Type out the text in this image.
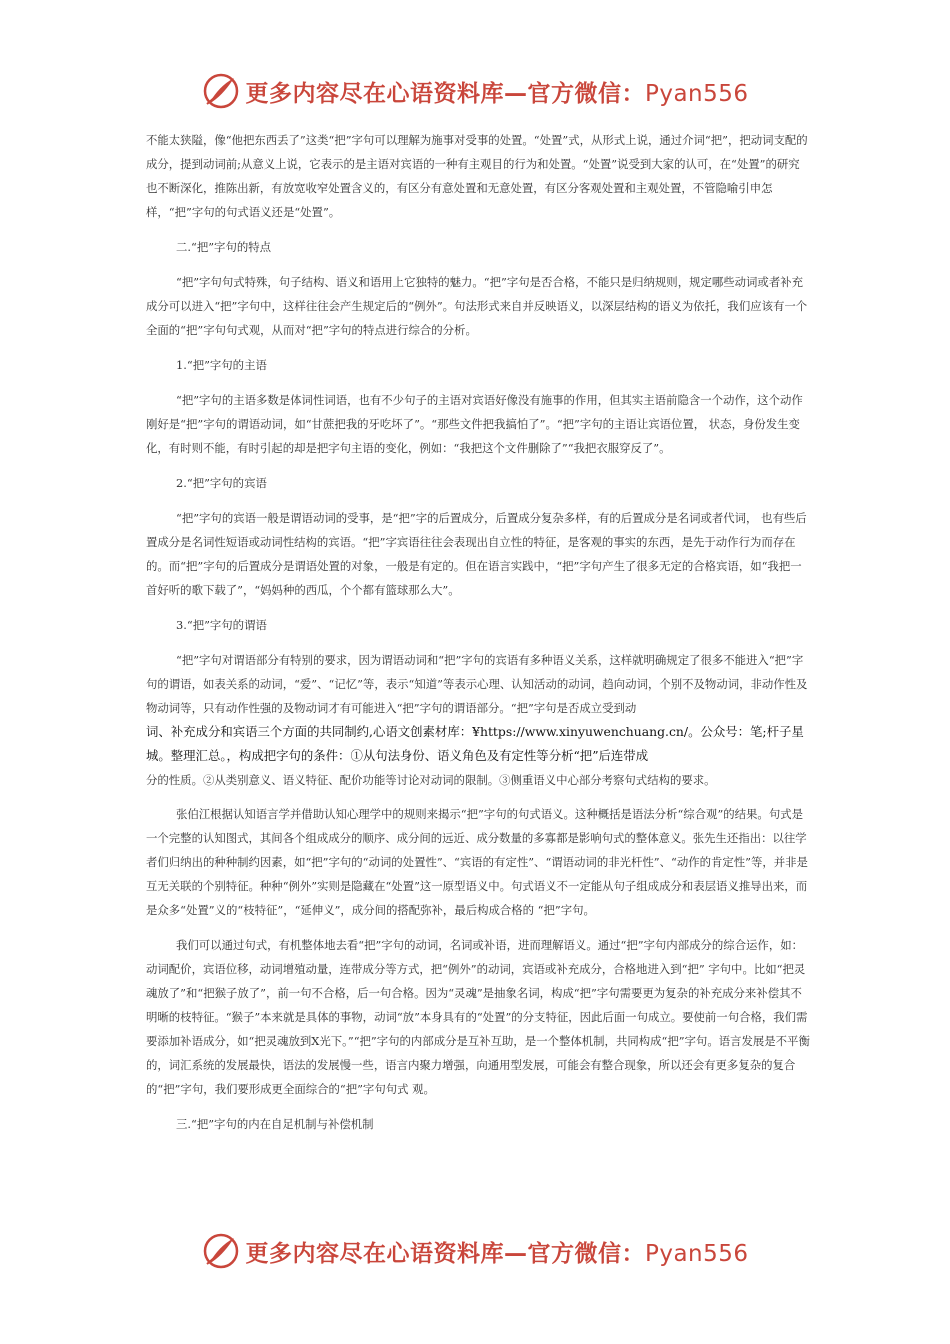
更多内容尽在心语资料库—官方微信：Pyan556

不能太狭隘，像“他把东西丢了”这类“把”字句可以理解为施事对受事的处置。“处置”式，从形式上说，通过介词“把”，把动词支配的成分，提到动词前;从意义上说，它表示的是主语对宾语的一种有主观目的行为和处置。“处置”说受到大家的认可，在“处置”的研究也不断深化，推陈出新，有放宽收窄处置含义的，有区分有意处置和无意处置，有区分客观处置和主观处置，不管隐喻引申怎样，“把”字句的句式语义还是“处置”。

二.“把”字句的特点

“把”字句句式特殊，句子结构、语义和语用上它独特的魅力。“把”字句是否合格，不能只是归纳规则，规定哪些动词或者补充成分可以进入“把”字句中，这样往往会产生规定后的“例外”。句法形式来自并反映语义，以深层结构的语义为依托，我们应该有一个全面的“把”字句句式观，从而对“把”字句的特点进行综合的分析。

1.“把”字句的主语

“把”字句的主语多数是体词性词语，也有不少句子的主语对宾语好像没有施事的作用，但其实主语前隐含一个动作，这个动作刚好是“把”字句的谓语动词，如“甘蔗把我的牙吃坏了”。“那些文件把我搞怕了”。“把”字句的主语让宾语位置， 状态，身份发生变化，有时则不能，有时引起的却是把字句主语的变化，例如：“我把这个文件删除了”“我把衣服穿反了”。

2.“把”字句的宾语

“把”字句的宾语一般是谓语动词的受事，是“把”字的后置成分，后置成分复杂多样，有的后置成分是名词或者代词， 也有些后置成分是名词性短语或动词性结构的宾语。“把”字宾语往往会表现出自立性的特征，是客观的事实的东西，是先于动作行为而存在的。而“把”字句的后置成分是谓语处置的对象，一般是有定的。但在语言实践中，“把”字句产生了很多无定的合格宾语，如“我把一首好听的歌下载了”，“妈妈种的西瓜，个个都有篮球那么大”。

3.“把”字句的谓语

“把”字句对谓语部分有特别的要求，因为谓语动词和“把”字句的宾语有多种语义关系，这样就明确规定了很多不能进入“把”字句的谓语，如表关系的动词，“爱”、“记忆”等，表示“知道”等表示心理、认知活动的动词，趋向动词，个别不及物动词，非动作性及物动词等，只有动作性强的及物动词才有可能进入“把”字句的谓语部分。“把”字句是否成立受到动

词、补充成分和宾语三个方面的共同制约,心语文创素材库：¥https://www.xinyuwenchuang.cn/。公众号：笔;杆子星城。整理汇总。，构成把字句的条件：①从句法身份、语义角色及有定性等分析“把”后连带成

分的性质。②从类别意义、语义特征、配价功能等讨论对动词的限制。③侧重语义中心部分考察句式结构的要求。

张伯江根据认知语言学并借助认知心理学中的规则来揭示“把”字句的句式语义。这种概括是语法分析“综合观”的结果。句式是一个完整的认知图式，其间各个组成成分的顺序、成分间的远近、成分数量的多寡都是影响句式的整体意义。张先生还指出：以往学者们归纳出的种种制约因素，如“把”字句的“动词的处置性”、“宾语的有定性”、“谓语动词的非光杆性”、“动作的肯定性”等，并非是互无关联的个别特征。种种“例外”实则是隐藏在“处置”这一原型语义中。句式语义不一定能从句子组成成分和表层语义推导出来，而是众多“处置”义的“枝特征”，“延伸义”，成分间的搭配弥补，最后构成合格的 “把”字句。

我们可以通过句式，有机整体地去看“把”字句的动词，名词或补语，进而理解语义。通过“把”字句内部成分的综合运作，如：动词配价，宾语位移，动词增殖动量，连带成分等方式，把“例外”的动词，宾语或补充成分，合格地进入到“把” 字句中。比如“把灵魂放了”和“把猴子放了”，前一句不合格，后一句合格。因为“灵魂”是抽象名词，构成“把”字句需要更为复杂的补充成分来补偿其不明晰的枝特征。“猴子”本来就是具体的事物，动词“放”本身具有的“处置”的分支特征，因此后面一句成立。要使前一句合格，我们需要添加补语成分，如“把灵魂放到X光下。”“把”字句的内部成分是互补互助，是一个整体机制，共同构成“把”字句。语言发展是不平衡的，词汇系统的发展最快，语法的发展慢一些，语言内聚力增强，向通用型发展，可能会有整合现象，所以还会有更多复杂的复合的“把”字句，我们要形成更全面综合的“把”字句句式 观。

三.“把”字句的内在自足机制与补偿机制

更多内容尽在心语资料库—官方微信：Pyan556
